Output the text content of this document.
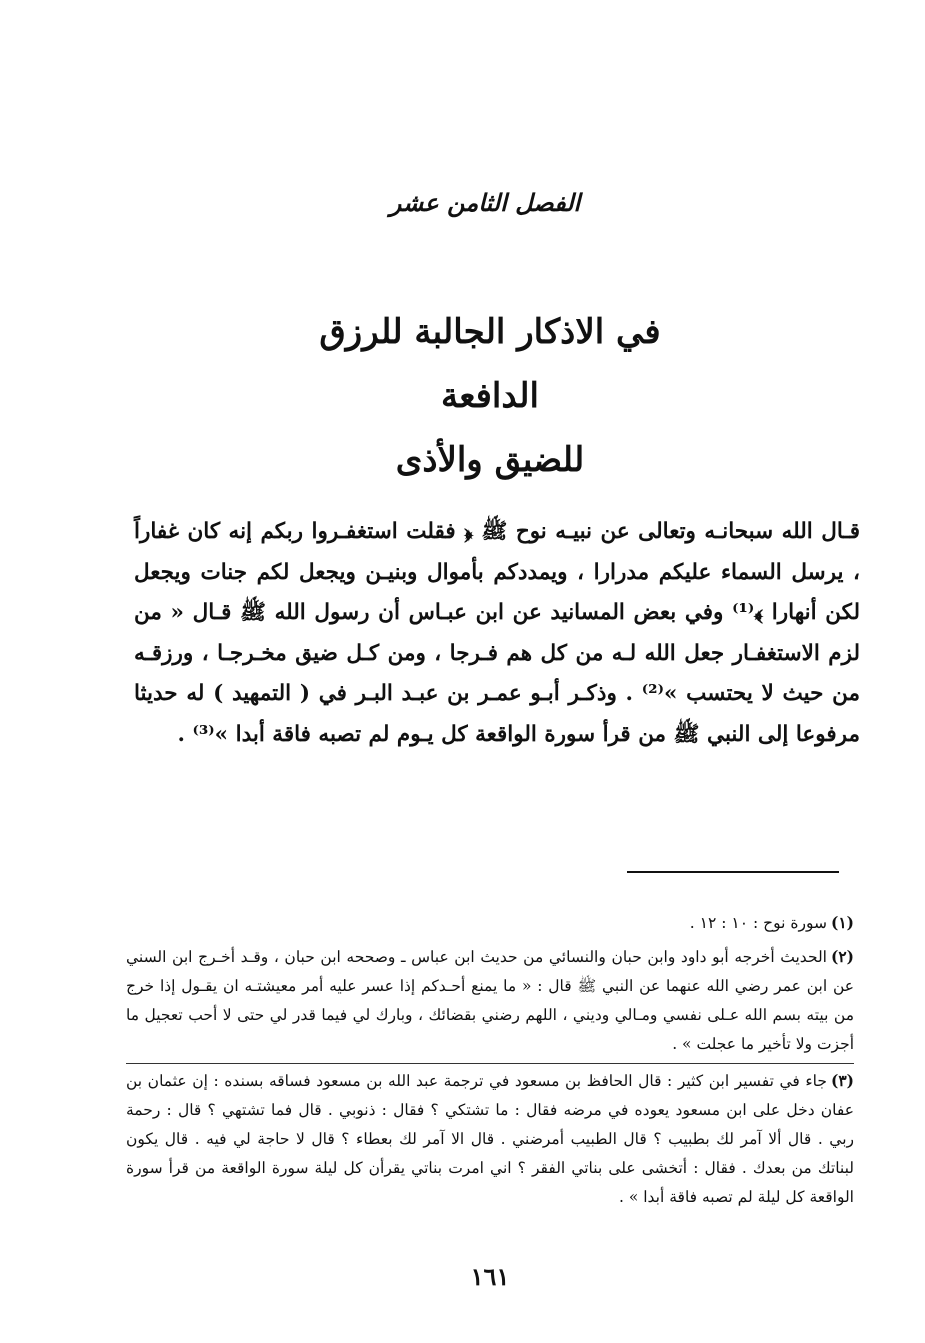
الفصل الثامن عشر
في الاذكار الجالبة للرزق الدافعة
للضيق والأذى
قـال الله سبحانـه وتعالى عن نبيـه نوح ﷺ ﴿ فقلت استغفـروا ربكم إنه كان غفاراً ، يرسل السماء عليكم مدرارا ، ويمددكم بأموال وبنيـن ويجعل لكم جنات ويجعل لكن أنهارا ﴾⁽¹⁾ وفي بعض المسانيد عن ابن عبـاس أن رسول الله ﷺ قـال « من لزم الاستغفـار جعل الله لـه من كل هم فـرجا ، ومن كـل ضيق مخـرجـا ، ورزقـه من حيث لا يحتسب »⁽²⁾ . وذكـر أبـو عمـر بن عبـد البـر في ( التمهيد ) له حديثا مرفوعا إلى النبي ﷺ من قرأ سورة الواقعة كل يـوم لم تصبه فاقة أبدا »⁽³⁾ .

(١)سورة نوح : ١٠ : ١٢ .

(٢)الحديث أخرجه أبو داود وابن حبان والنسائي من حديث ابن عباس ـ وصححه ابن حبان ، وقـد أخـرج ابن السني عن ابن عمر رضي الله عنهما عن النبي ﷺ قال : « ما يمنع أحـدكم إذا عسر عليه أمر معيشتـه ان يقـول إذا خرج من بيته بسم الله عـلى نفسي ومـالي وديني ، اللهم رضني بقضائك ، وبارك لي فيما قدر لي حتى لا أحب تعجيل ما أجزت ولا تأخير ما عجلت » .

(٣)جاء في تفسير ابن كثير : قال الحافظ بن مسعود في ترجمة عبد الله بن مسعود فساقه بسنده : إن عثمان بن عفان دخل على ابن مسعود يعوده في مرضه فقال : ما تشتكي ؟ فقال : ذنوبي . قال فما تشتهي ؟ قال : رحمة ربي . قال ألا آمر لك بطبيب ؟ قال الطبيب أمرضني . قال الا آمر لك بعطاء ؟ قال لا حاجة لي فيه . قال يكون لبناتك من بعدك . فقال : أتخشى على بناتي الفقر ؟ اني امرت بناتي يقرأن كل ليلة سورة الواقعة من قرأ سورة الواقعة كل ليلة لم تصبه فاقة أبدا » .

١٦١
